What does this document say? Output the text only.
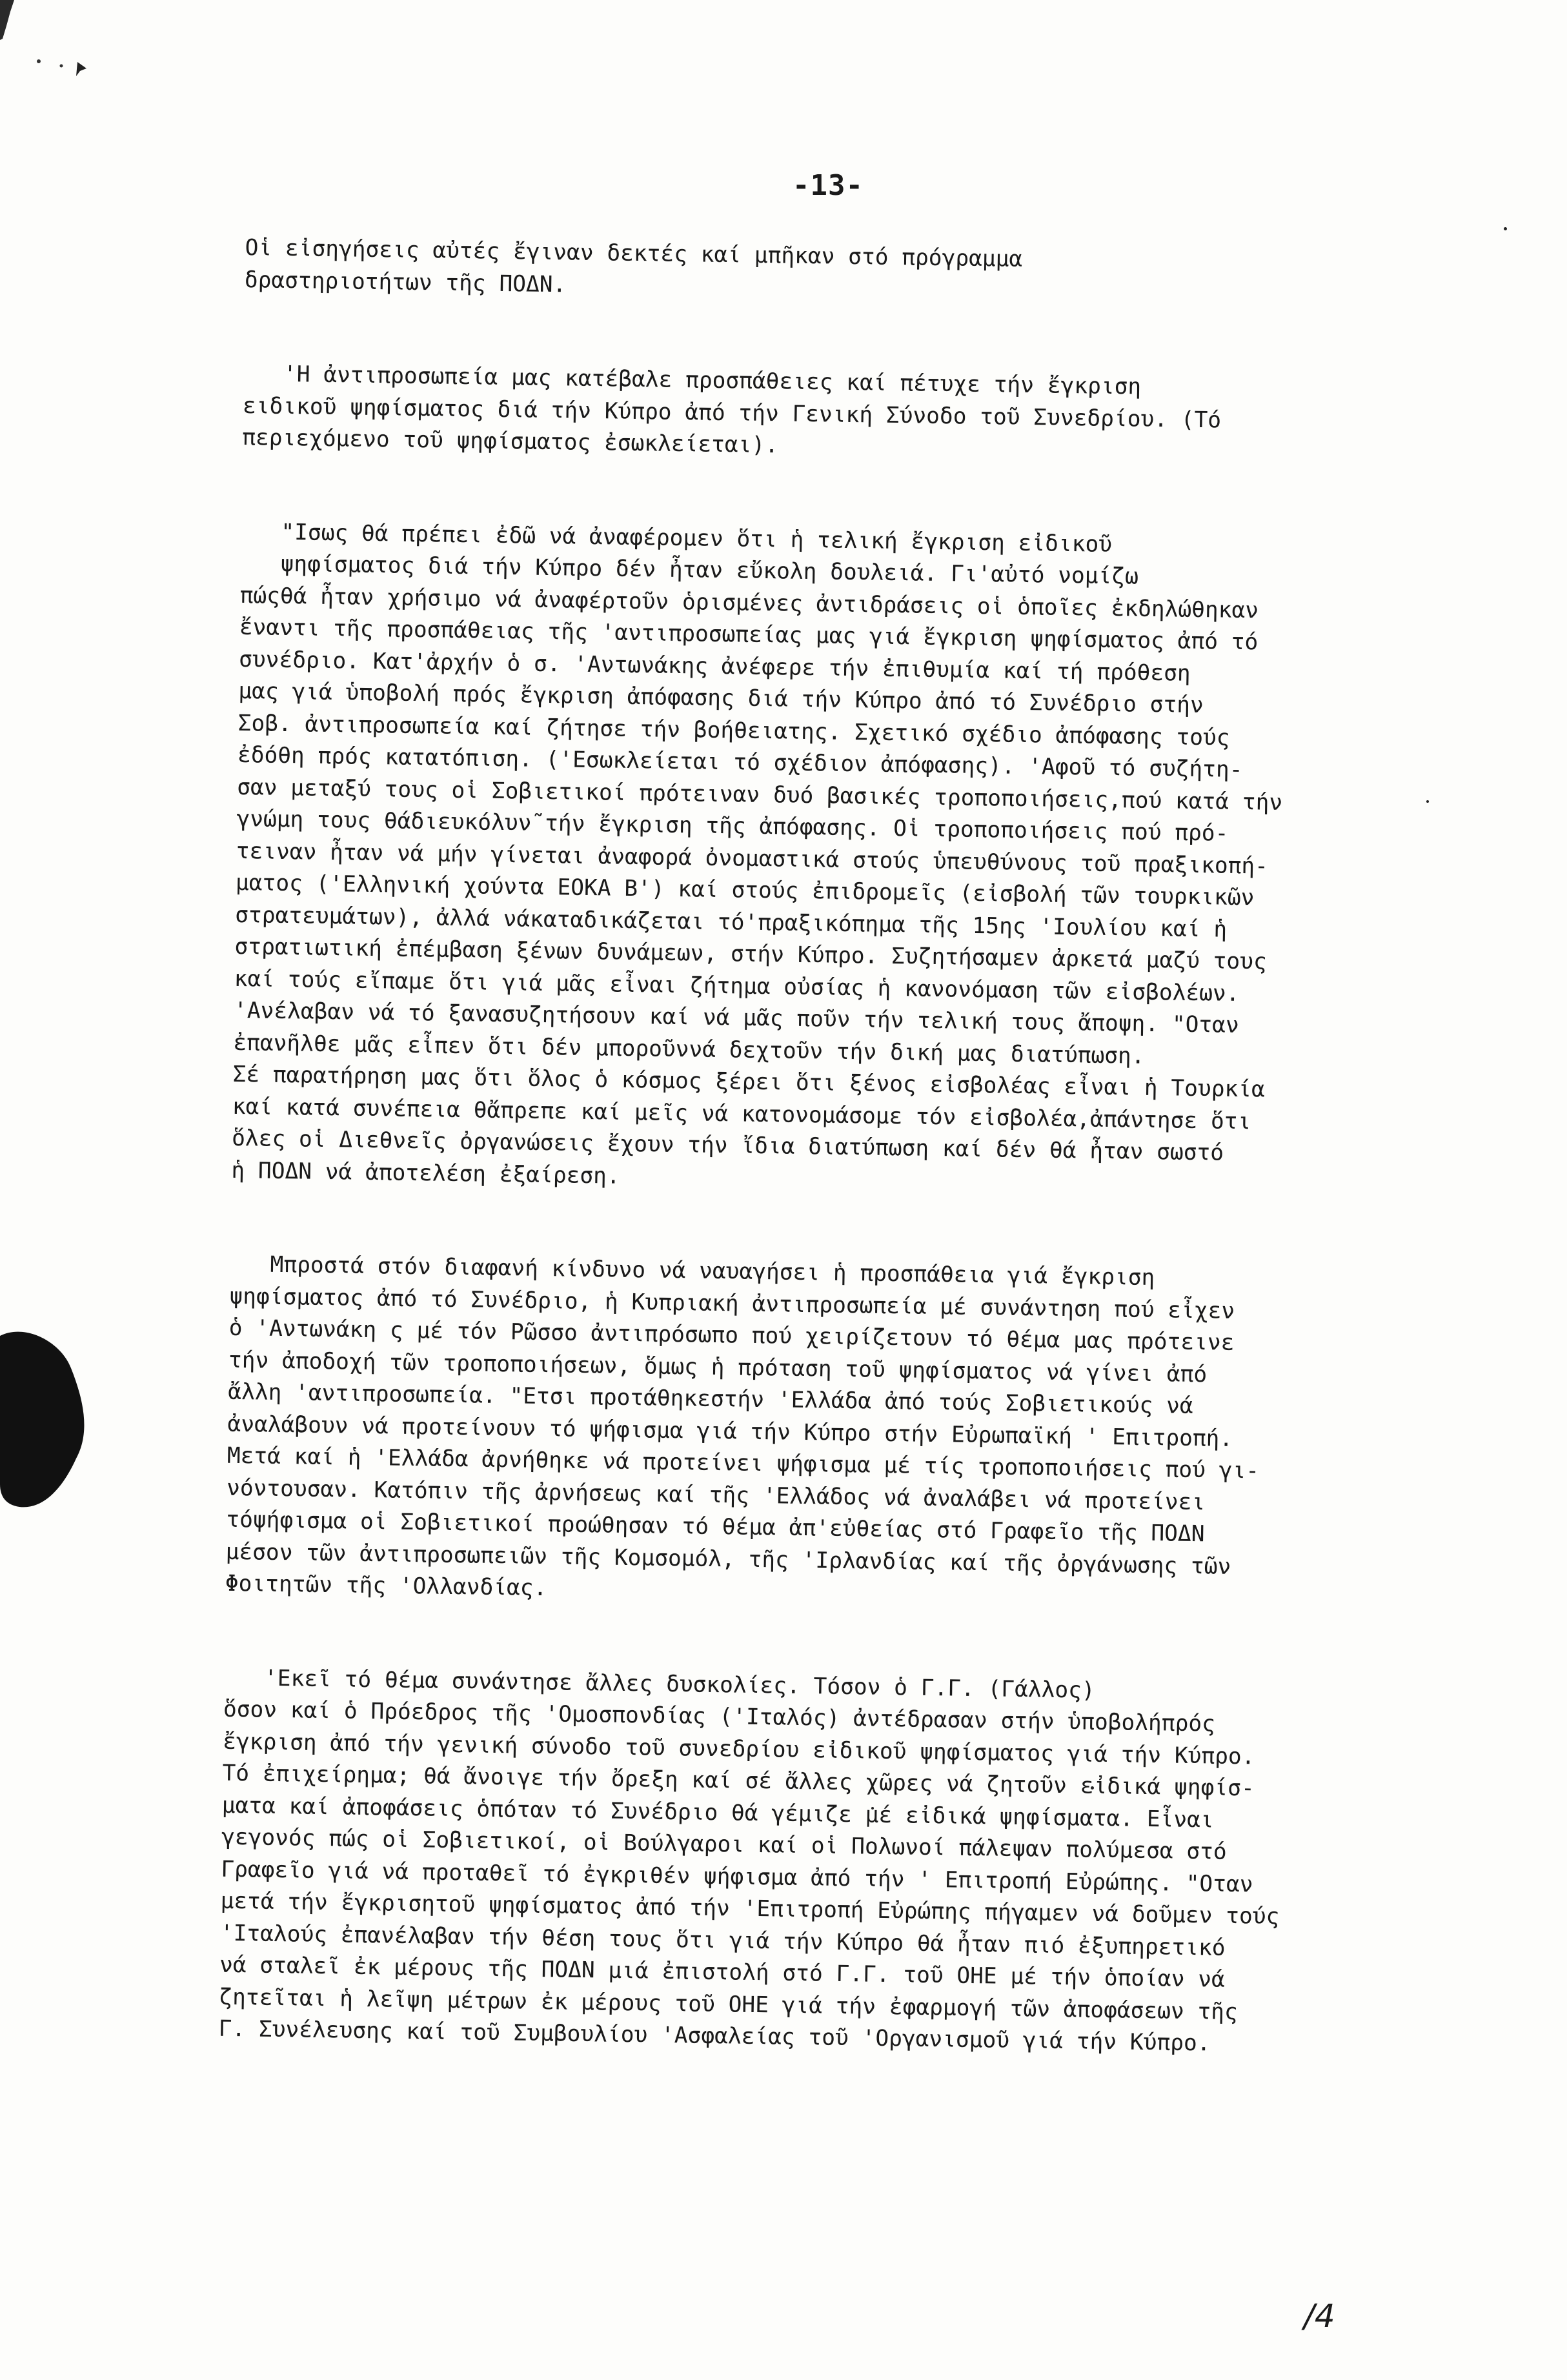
-13-

Οἱ εἰσηγήσεις αὐτές ἔγιναν δεκτές καί μπῆκαν στό πρόγραμμα
δραστηριοτήτων τῆς ΠΟΔΝ.

'Η ἀντιπροσωπεία μας κατέβαλε προσπάθειες καί πέτυχε τήν ἔγκριση
ειδικοῦ ψηφίσματος διά τήν Κύπρο ἀπό τήν Γενική Σύνοδο τοῦ Συνεδρίου. (Τό
περιεχόμενο τοῦ ψηφίσματος ἐσωκλείεται).

"Ισως θά πρέπει ἐδῶ νά ἀναφέρομεν ὅτι ἡ τελική ἔγκριση εἰδικοῦ
ψηφίσματος διά τήν Κύπρο δέν ἦταν εὔκολη δουλειά. Γι'αὐτό νομίζω
πώςθά ἦταν χρήσιμο νά ἀναφέρτοῦν ὁρισμένες ἀντιδράσεις οἱ ὁποῖες ἐκδηλώθηκαν
ἔναντι τῆς προσπάθειας τῆς 'αντιπροσωπείας μας γιά ἔγκριση ψηφίσματος ἀπό τό
συνέδριο. Κατ'ἀρχήν ὁ σ. 'Αντωνάκης ἀνέφερε τήν ἐπιθυμία καί τή πρόθεση
μας γιά ὑποβολή πρός ἔγκριση ἀπόφασης διά τήν Κύπρο ἀπό τό Συνέδριο στήν
Σοβ. ἀντιπροσωπεία καί ζήτησε τήν βοήθειατης. Σχετικό σχέδιο ἀπόφασης τούς
ἐδόθη πρός κατατόπιση. ('Εσωκλείεται τό σχέδιον ἀπόφασης). 'Αφοῦ τό συζήτη-
σαν μεταξύ τους οἱ Σοβιετικοί πρότειναν δυό βασικές τροποποιήσεις,πού κατά τήν
γνώμη τους θάδιευκόλυν̃ τήν ἔγκριση τῆς ἀπόφασης. Οἱ τροποποιήσεις πού πρό-
τειναν ἦταν νά μήν γίνεται ἀναφορά ὀνομαστικά στούς ὑπευθύνους τοῦ πραξικοπή-
ματος ('Ελληνική χούντα ΕΟΚΑ Β') καί στούς ἐπιδρομεῖς (εἰσβολή τῶν τουρκικῶν
στρατευμάτων), ἀλλά νάκαταδικάζεται τό'πραξικόπημα τῆς 15ης 'Ιουλίου καί ἡ
στρατιωτική ἐπέμβαση ξένων δυνάμεων, στήν Κύπρο. Συζητήσαμεν ἀρκετά μαζύ τους
καί τούς εἴπαμε ὅτι γιά μᾶς εἶναι ζήτημα οὐσίας ἡ κανονόμαση τῶν εἰσβολέων.
'Ανέλαβαν νά τό ξανασυζητήσουν καί νά μᾶς ποῦν τήν τελική τους ἄποψη. "Οταν
ἐπανῆλθε μᾶς εἶπεν ὅτι δέν μποροῦννά δεχτοῦν τήν δική μας διατύπωση.
Σέ παρατήρηση μας ὅτι ὅλος ὁ κόσμος ξέρει ὅτι ξένος εἰσβολέας εἶναι ἡ Τουρκία
καί κατά συνέπεια θἄπρεπε καί μεῖς νά κατονομάσομε τόν εἰσβολέα,ἀπάντησε ὅτι
ὅλες οἱ Διεθνεῖς ὀργανώσεις ἔχουν τήν ἴδια διατύπωση καί δέν θά ἦταν σωστό
ἡ ΠΟΔΝ νά ἀποτελέση ἐξαίρεση.

Μπροστά στόν διαφανή κίνδυνο νά ναυαγήσει ἡ προσπάθεια γιά ἔγκριση
ψηφίσματος ἀπό τό Συνέδριο, ἡ Κυπριακή ἀντιπροσωπεία μέ συνάντηση πού εἶχεν
ὁ 'Αντωνάκη ς μέ τόν Ρῶσσο ἀντιπρόσωπο πού χειρίζετουν τό θέμα μας πρότεινε
τήν ἀποδοχή τῶν τροποποιήσεων, ὅμως ἡ πρόταση τοῦ ψηφίσματος νά γίνει ἀπό
ἄλλη 'αντιπροσωπεία. "Ετσι προτάθηκεστήν 'Ελλάδα ἀπό τούς Σοβιετικούς νά
ἀναλάβουν νά προτείνουν τό ψήφισμα γιά τήν Κύπρο στήν Εὐρωπαϊκή ' Επιτροπή.
Μετά καί ἡ 'Ελλάδα ἀρνήθηκε νά προτείνει ψήφισμα μέ τίς τροποποιήσεις πού γι-
νόντουσαν. Κατόπιν τῆς ἀρνήσεως καί τῆς 'Ελλάδος νά ἀναλάβει νά προτείνει
τόψήφισμα οἱ Σοβιετικοί προώθησαν τό θέμα ἀπ'εὐθείας στό Γραφεῖο τῆς ΠΟΔΝ
μέσον τῶν ἀντιπροσωπειῶν τῆς Κομσομόλ, τῆς 'Ιρλανδίας καί τῆς ὀργάνωσης τῶν
Φοιτητῶν τῆς 'Ολλανδίας.

'Εκεῖ τό θέμα συνάντησε ἄλλες δυσκολίες. Τόσον ὁ Γ.Γ. (Γάλλος)
ὅσον καί ὁ Πρόεδρος τῆς 'Ομοσπονδίας ('Ιταλός) ἀντέδρασαν στήν ὑποβολήπρός
ἔγκριση ἀπό τήν γενική σύνοδο τοῦ συνεδρίου εἰδικοῦ ψηφίσματος γιά τήν Κύπρο.
Τό ἐπιχείρημα; θά ἄνοιγε τήν ὄρεξη καί σέ ἄλλες χῶρες νά ζητοῦν εἰδικά ψηφίσ-
ματα καί ἀποφάσεις ὁπόταν τό Συνέδριο θά γέμιζε μέ εἰδικά ψηφίσματα. Εἶναι
γεγονός πώς οἱ Σοβιετικοί, οἱ Βούλγαροι καί οἱ Πολωνοί πάλεψαν πολύμεσα στό
Γραφεῖο γιά νά προταθεῖ τό ἐγκριθέν ψήφισμα ἀπό τήν ' Επιτροπή Εὐρώπης. "Οταν
μετά τήν ἔγκρισητοῦ ψηφίσματος ἀπό τήν 'Επιτροπή Εὐρώπης πήγαμεν νά δοῦμεν τούς
'Ιταλούς ἐπανέλαβαν τήν θέση τους ὅτι γιά τήν Κύπρο θά ἦταν πιό ἐξυπηρετικό
νά σταλεῖ ἐκ μέρους τῆς ΠΟΔΝ μιά ἐπιστολή στό Γ.Γ. τοῦ ΟΗΕ μέ τήν ὁποίαν νά
ζητεῖται ἡ λεῖψη μέτρων ἐκ μέρους τοῦ ΟΗΕ γιά τήν ἐφαρμογή τῶν ἀποφάσεων τῆς
Γ. Συνέλευσης καί τοῦ Συμβουλίου 'Ασφαλείας τοῦ 'Οργανισμοῦ γιά τήν Κύπρο.

/4
